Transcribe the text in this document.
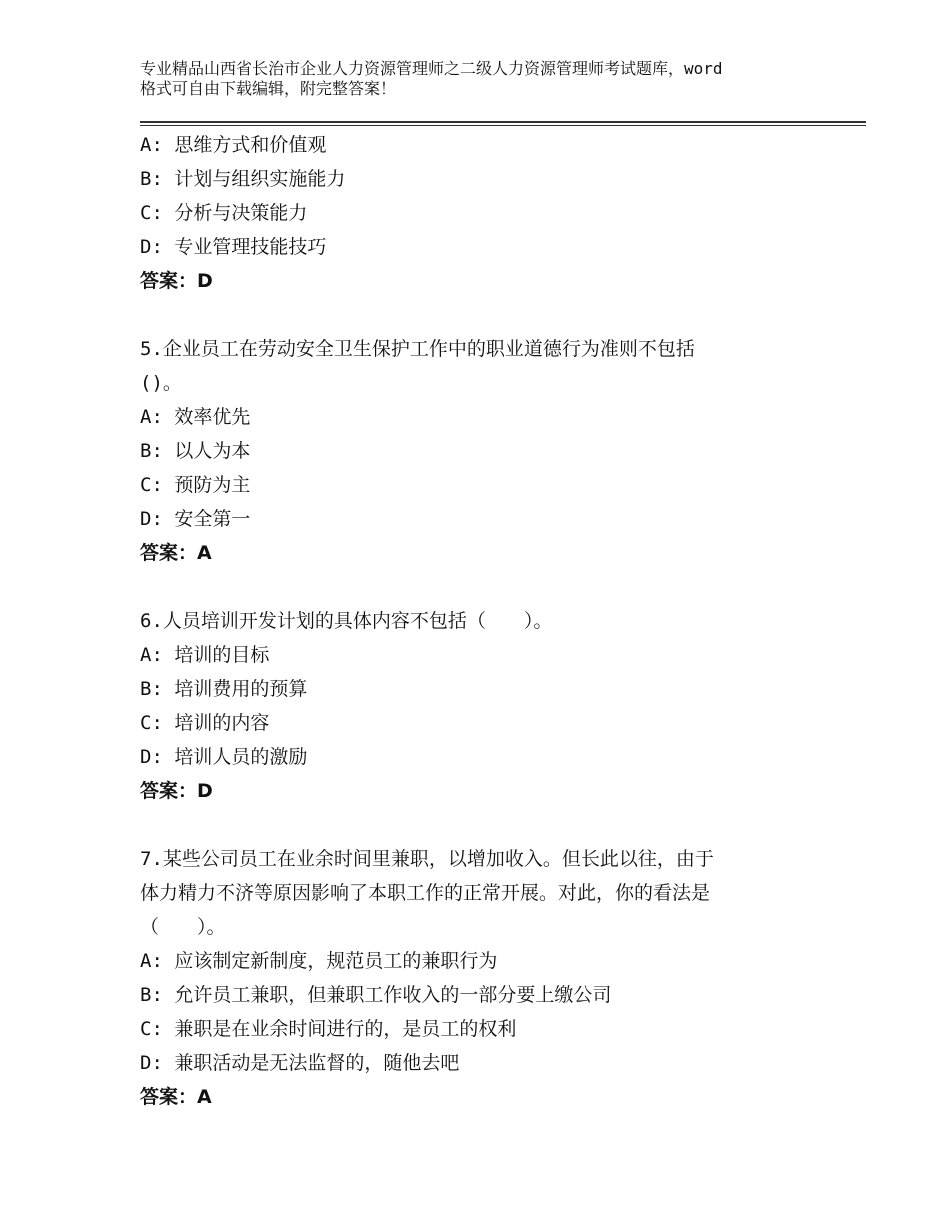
专业精品山西省长治市企业人力资源管理师之二级人力资源管理师考试题库，word
格式可自由下载编辑，附完整答案！
A: 思维方式和价值观
B: 计划与组织实施能力
C: 分析与决策能力
D: 专业管理技能技巧
答案：D
5.企业员工在劳动安全卫生保护工作中的职业道德行为准则不包括
()。
A: 效率优先
B: 以人为本
C: 预防为主
D: 安全第一
答案：A
6.人员培训开发计划的具体内容不包括（　　）。
A: 培训的目标
B: 培训费用的预算
C: 培训的内容
D: 培训人员的激励
答案：D
7.某些公司员工在业余时间里兼职，以增加收入。但长此以往，由于
体力精力不济等原因影响了本职工作的正常开展。对此，你的看法是
（　　）。
A: 应该制定新制度，规范员工的兼职行为
B: 允许员工兼职，但兼职工作收入的一部分要上缴公司
C: 兼职是在业余时间进行的，是员工的权利
D: 兼职活动是无法监督的，随他去吧
答案：A
